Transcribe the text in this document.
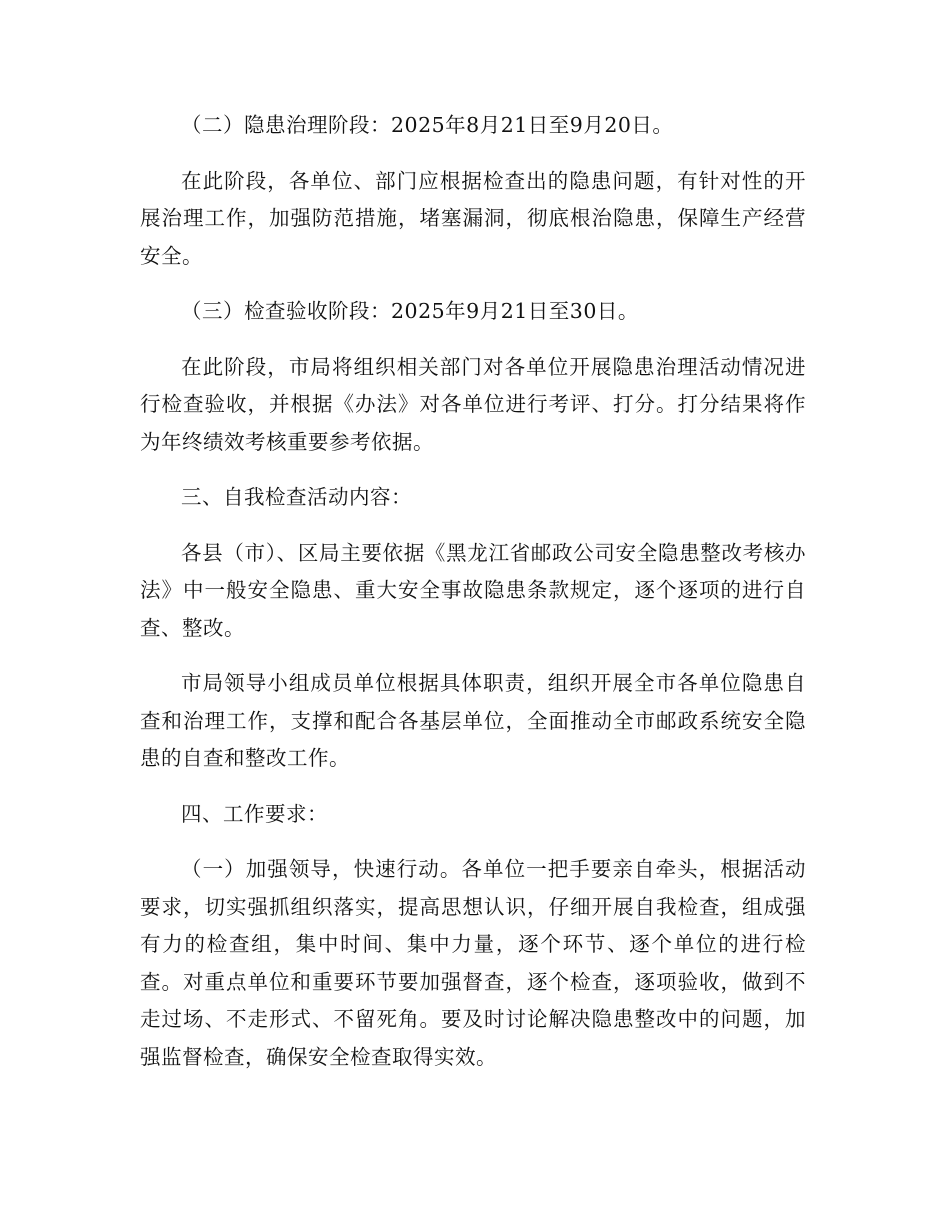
（二）隐患治理阶段：2025年8月21日至9月20日。

在此阶段，各单位、部门应根据检查出的隐患问题，有针对性的开展治理工作，加强防范措施，堵塞漏洞，彻底根治隐患，保障生产经营安全。

（三）检查验收阶段：2025年9月21日至30日。

在此阶段，市局将组织相关部门对各单位开展隐患治理活动情况进行检查验收，并根据《办法》对各单位进行考评、打分。打分结果将作为年终绩效考核重要参考依据。

三、自我检查活动内容：

各县（市）、区局主要依据《黑龙江省邮政公司安全隐患整改考核办法》中一般安全隐患、重大安全事故隐患条款规定，逐个逐项的进行自查、整改。

市局领导小组成员单位根据具体职责，组织开展全市各单位隐患自查和治理工作，支撑和配合各基层单位，全面推动全市邮政系统安全隐患的自查和整改工作。

四、工作要求：

（一）加强领导，快速行动。各单位一把手要亲自牵头，根据活动要求，切实强抓组织落实，提高思想认识，仔细开展自我检查，组成强有力的检查组，集中时间、集中力量，逐个环节、逐个单位的进行检查。对重点单位和重要环节要加强督查，逐个检查，逐项验收，做到不走过场、不走形式、不留死角。要及时讨论解决隐患整改中的问题，加强监督检查，确保安全检查取得实效。
